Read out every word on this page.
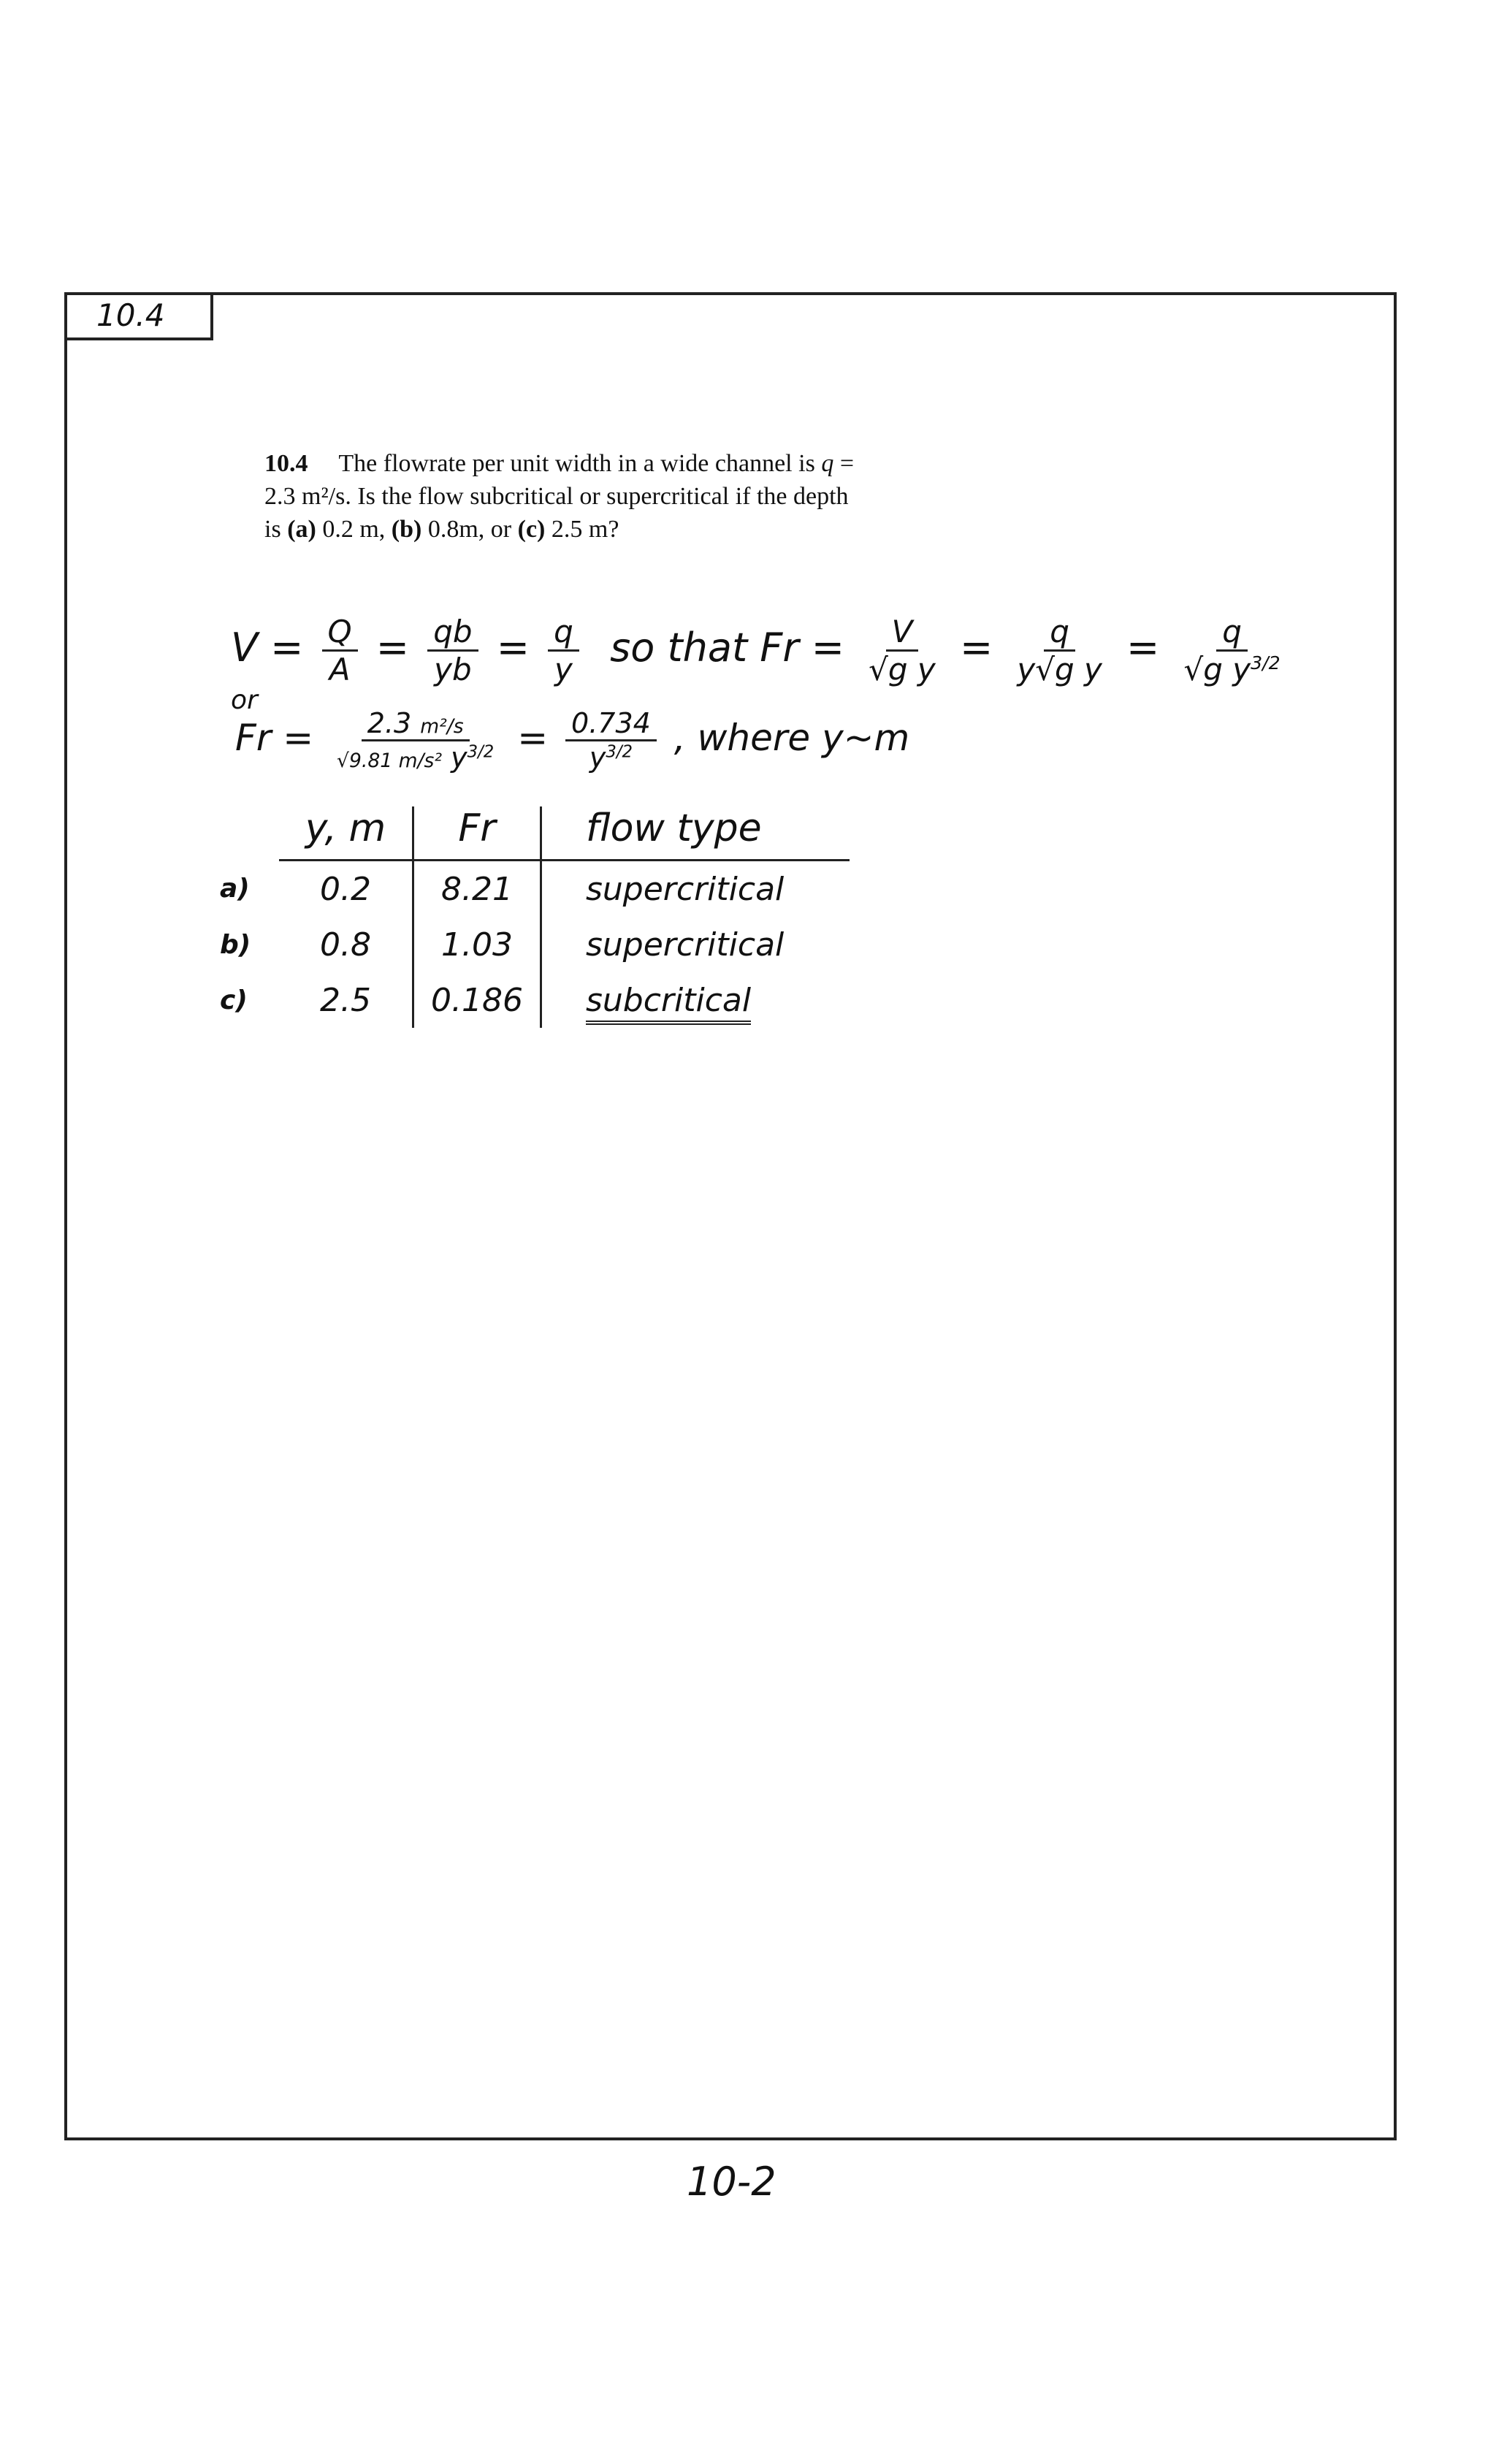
10.4
10.4 The flowrate per unit width in a wide channel is q = 2.3 m²/s. Is the flow subcritical or supercritical if the depth is (a) 0.2 m, (b) 0.8m, or (c) 2.5 m?
$V = \frac{Q}{A} = \frac{qb}{yb} = \frac{q}{y}$ so that $Fr = \frac{V}{\text{√g y}} = \frac{q}{\text{y√g y}} = \frac{q}{√g y^{3/2}}$
or
$Fr = \frac{\text{2.3 m²/s}}{√9.81 m/s^2 y^{3/2}} = \frac{0.734}{y^{3/2}}$ , where y~m
	y, m	Fr	flow type
a)	0.2	8.21	supercritical
b)	0.8	1.03	supercritical
c)	2.5	0.186	subcritical
10-2
